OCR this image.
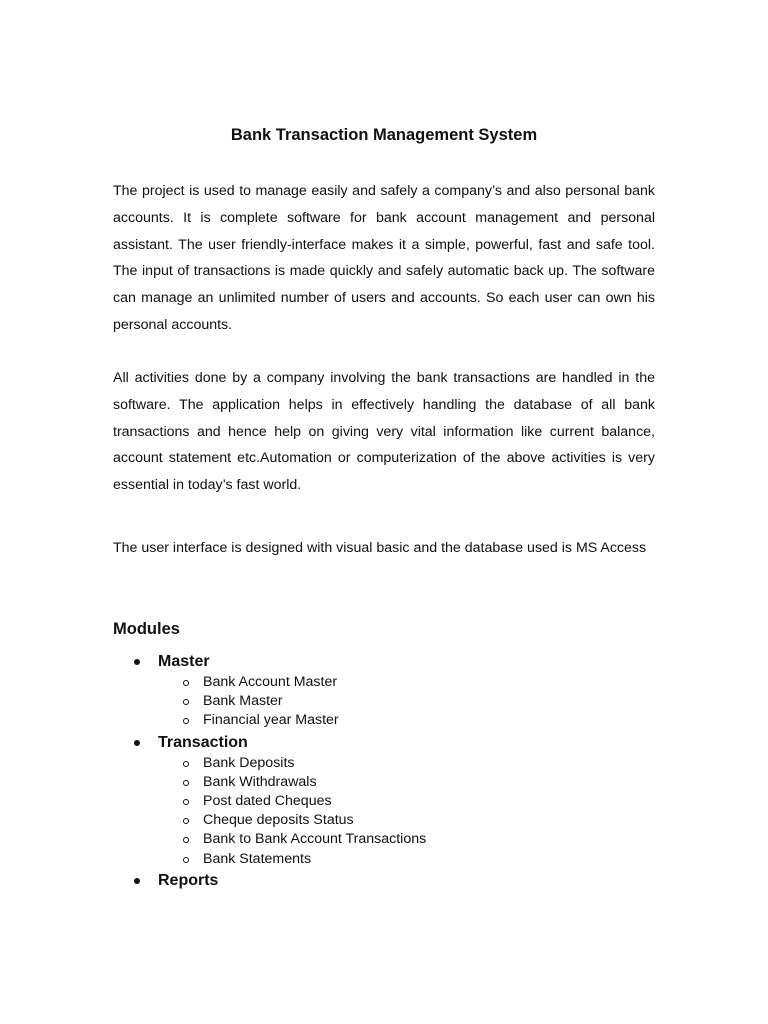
Bank Transaction Management System

The project is used to manage easily and safely a company’s and also personal bank accounts. It is complete software for bank account management and personal assistant. The user friendly-interface makes it a simple, powerful, fast and safe tool. The input of transactions is made quickly and safely automatic back up. The software can manage an unlimited number of users and accounts. So each user can own his personal accounts.

All activities done by a company involving the bank transactions are handled in the software. The application helps in effectively handling the database of all bank transactions and hence help on giving very vital information like current balance, account statement etc.Automation or computerization of the above activities is very essential in today’s fast world.

The user interface is designed with visual basic and the database used is MS Access

Modules
Master
Bank Account Master
Bank Master
Financial year Master
Transaction
Bank Deposits
Bank Withdrawals
Post dated Cheques
Cheque deposits Status
Bank to Bank Account Transactions
Bank Statements
Reports
